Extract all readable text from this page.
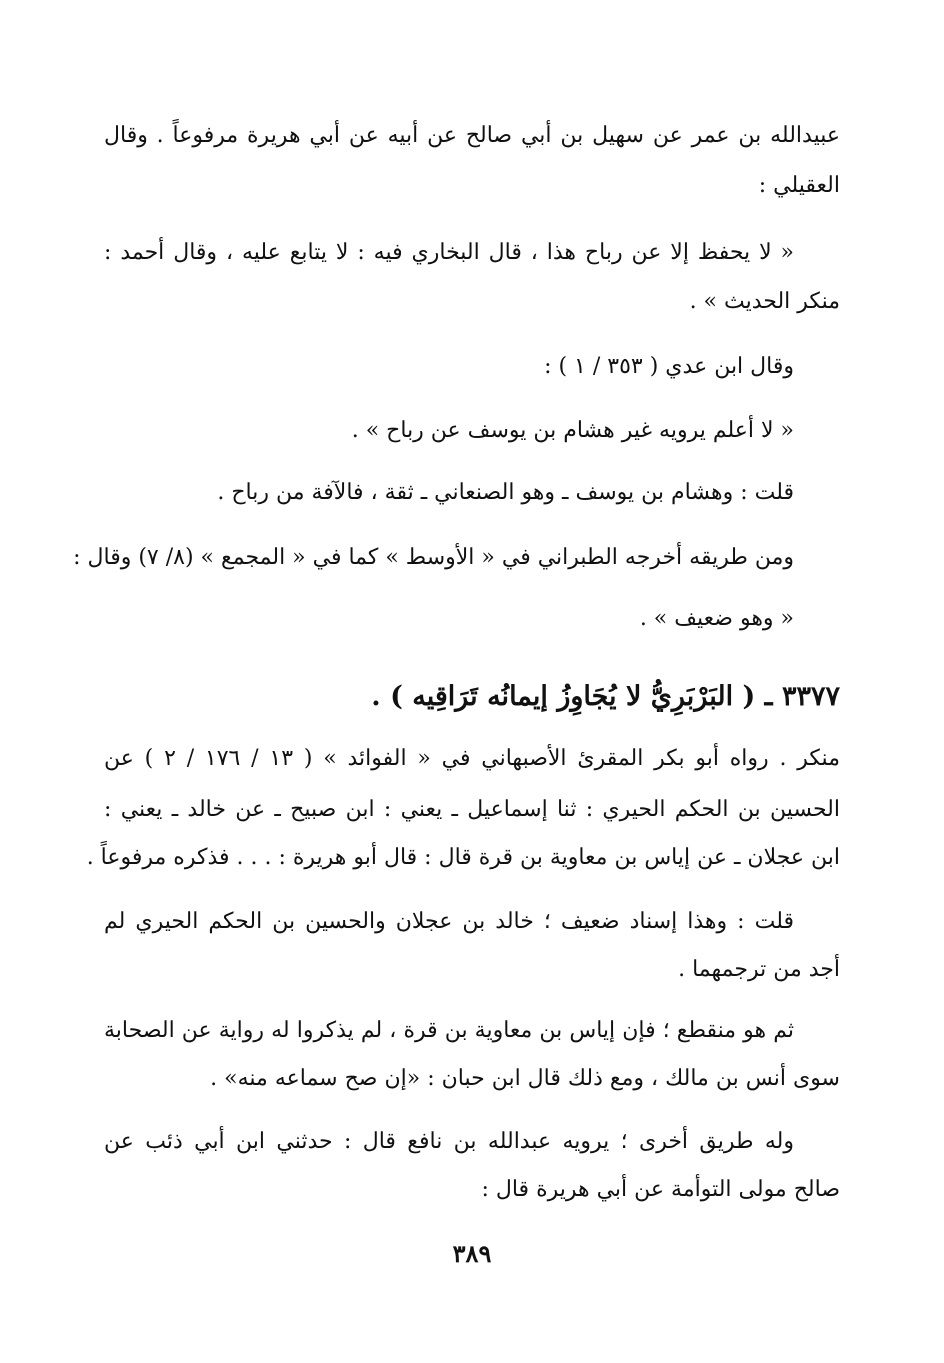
عبيدالله بن عمر عن سهيل بن أبي صالح عن أبيه عن أبي هريرة مرفوعاً . وقال
العقيلي :
« لا يحفظ إلا عن رباح هذا ، قال البخاري فيه : لا يتابع عليه ، وقال أحمد :
منكر الحديث » .
وقال ابن عدي ( ٣٥٣ / ١ ) :
« لا أعلم يرويه غير هشام بن يوسف عن رباح » .
قلت : وهشام بن يوسف ـ وهو الصنعاني ـ ثقة ، فالآفة من رباح .
ومن طريقه أخرجه الطبراني في « الأوسط » كما في « المجمع » (٨/ ٧) وقال :
« وهو ضعيف » .
٣٣٧٧ ـ ( البَرْبَرِيُّ لا يُجَاوِزُ إيمانُه تَرَاقِيه ) .
منكر . رواه أبو بكر المقرئ الأصبهاني في « الفوائد » ( ١٣ / ١٧٦ / ٢ ) عن
الحسين بن الحكم الحيري : ثنا إسماعيل ـ يعني : ابن صبيح ـ عن خالد ـ يعني :
ابن عجلان ـ عن إياس بن معاوية بن قرة قال : قال أبو هريرة : . . . فذكره مرفوعاً .
قلت : وهذا إسناد ضعيف ؛ خالد بن عجلان والحسين بن الحكم الحيري لم
أجد من ترجمهما .
ثم هو منقطع ؛ فإن إياس بن معاوية بن قرة ، لم يذكروا له رواية عن الصحابة
سوى أنس بن مالك ، ومع ذلك قال ابن حبان : «إن صح سماعه منه» .
وله طريق أخرى ؛ يرويه عبدالله بن نافع قال : حدثني ابن أبي ذئب عن
صالح مولى التوأمة عن أبي هريرة قال :
٣٨٩
